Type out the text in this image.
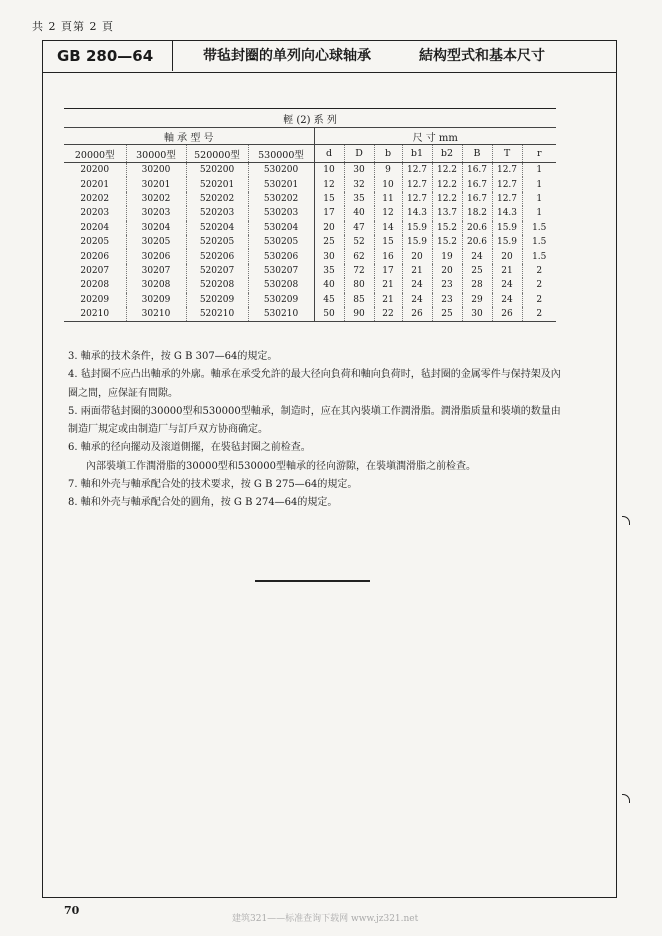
共 2 頁第 2 頁
GB 280—64	带毡封圈的单列向心球轴承	結构型式和基本尺寸
輕 (2) 系 列											
軸 承 型 号				尺 寸 mm							
20000型	30000型	520000型	530000型	d	D	b	b1	b2	B	T	r
20200	30200	520200	530200	10	30	9	12.7	12.2	16.7	12.7	1
20201	30201	520201	530201	12	32	10	12.7	12.2	16.7	12.7	1
20202	30202	520202	530202	15	35	11	12.7	12.2	16.7	12.7	1
20203	30203	520203	530203	17	40	12	14.3	13.7	18.2	14.3	1
20204	30204	520204	530204	20	47	14	15.9	15.2	20.6	15.9	1.5
20205	30205	520205	530205	25	52	15	15.9	15.2	20.6	15.9	1.5
20206	30206	520206	530206	30	62	16	20	19	24	20	1.5
20207	30207	520207	530207	35	72	17	21	20	25	21	2
20208	30208	520208	530208	40	80	21	24	23	28	24	2
20209	30209	520209	530209	45	85	21	24	23	29	24	2
20210	30210	520210	530210	50	90	22	26	25	30	26	2

3. 軸承的技术条件，按 G B 307—64的規定。

4. 毡封圈不应凸出軸承的外廓。軸承在承受允許的最大径向負荷和軸向負荷时，毡封圈的金属零件与保持架及內圈之間，应保証有間隙。

5. 兩面带毡封圈的30000型和530000型軸承，制造时，应在其內裝塡工作潤滑脂。潤滑脂质量和裝塡的数量由制造厂規定或由制造厂与訂戶双方协商确定。

6. 軸承的径向擺动及滚道側擺，在裝毡封圈之前检查。

內部裝塡工作潤滑脂的30000型和530000型軸承的径向游隙，在裝塡潤滑脂之前检查。

7. 軸和外壳与軸承配合处的技术要求，按 G B 275—64的規定。

8. 軸和外壳与軸承配合处的圓角，按 G B 274—64的規定。

70
建筑321——标准查询下载网 www.jz321.net
